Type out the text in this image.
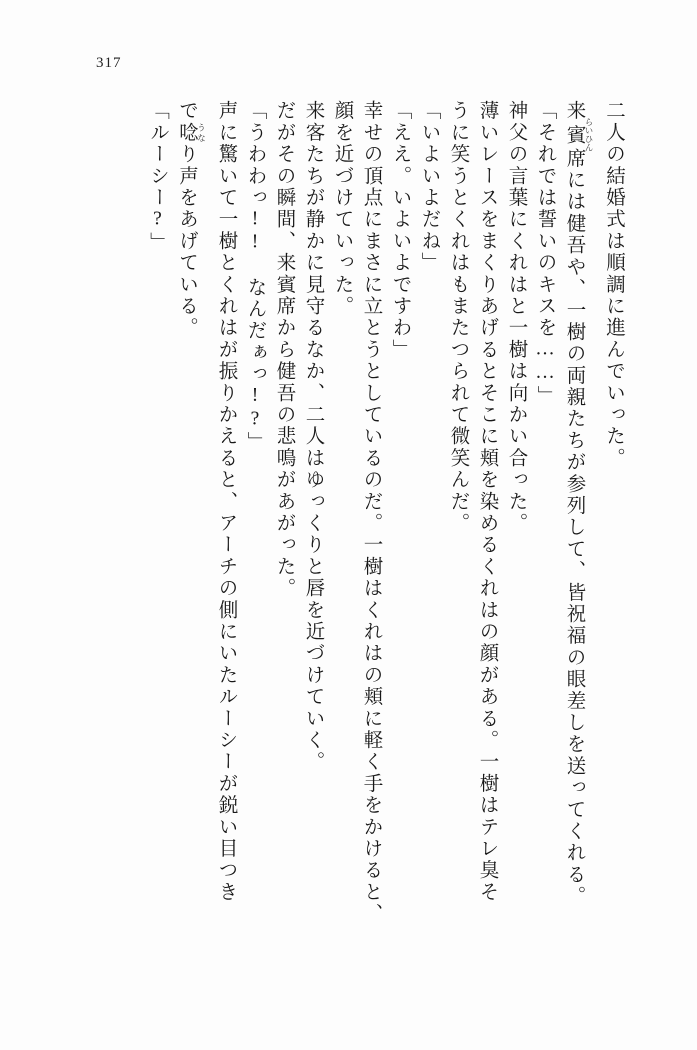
317
二人の結婚式は順調に進んでいった。
来賓 らいひん席には健吾や、一樹の両親たちが参列して、皆祝福の眼差しを送ってくれる。
「それでは誓いのキスを……」
神父の言葉にくれはと一樹は向かい合った。
薄いレースをまくりあげるとそこに頬を染めるくれはの顔がある。一樹はテレ臭そ
うに笑うとくれはもまたつられて微笑んだ。
「いよいよだね」
「ええ。いよいよですわ」
幸せの頂点にまさに立とうとしているのだ。一樹はくれはの頬に軽く手をかけると、
顔を近づけていった。
来客たちが静かに見守るなか、二人はゆっくりと唇を近づけていく。
だがその瞬間、来賓席から健吾の悲鳴があがった。
「うわわっ!!　なんだぁっ!?」
声に驚いて一樹とくれはが振りかえると、アーチの側にいたルーシーが鋭い目つき
で唸 うなり声をあげている。
「ルーシー?」
